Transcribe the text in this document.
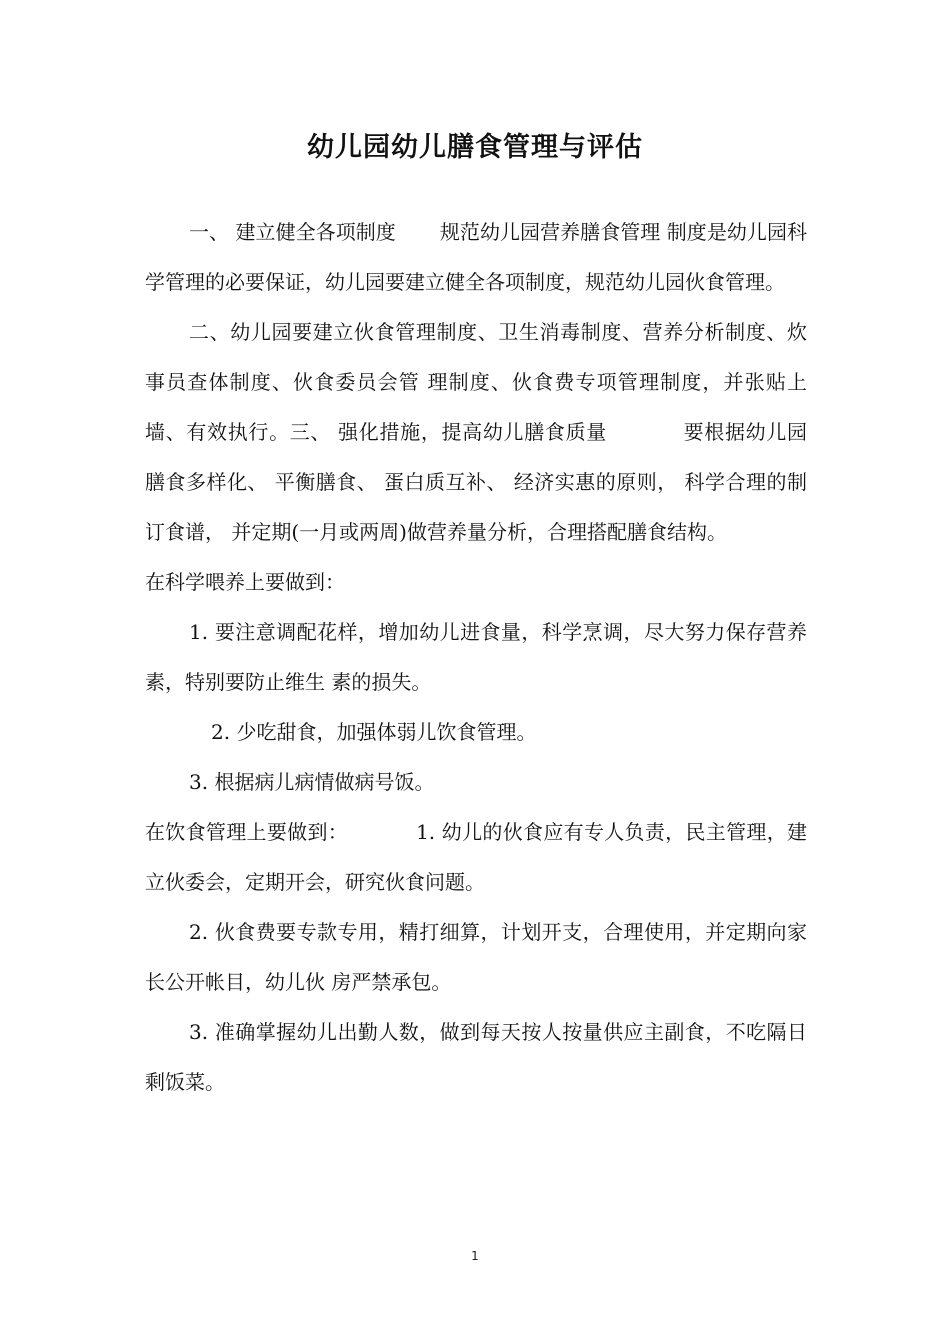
幼儿园幼儿膳食管理与评估

一、 建立健全各项制度 规范幼儿园营养膳食管理 制度是幼儿园科学管理的必要保证，幼儿园要建立健全各项制度，规范幼儿园伙食管理。

二、幼儿园要建立伙食管理制度、卫生消毒制度、营养分析制度、炊事员查体制度、伙食委员会管 理制度、伙食费专项管理制度，并张贴上墙、有效执行。三、 强化措施，提高幼儿膳食质量	要根据幼儿园膳食多样化、 平衡膳食、 蛋白质互补、 经济实惠的原则， 科学合理的制订食谱， 并定期(一月或两周)做营养量分析，合理搭配膳食结构。

在科学喂养上要做到：

1. 要注意调配花样，增加幼儿进食量，科学烹调，尽大努力保存营养素，特别要防止维生 素的损失。

2. 少吃甜食，加强体弱儿饮食管理。

3. 根据病儿病情做病号饭。

在饮食管理上要做到：	1. 幼儿的伙食应有专人负责，民主管理，建立伙委会，定期开会，研究伙食问题。

2. 伙食费要专款专用，精打细算，计划开支，合理使用，并定期向家长公开帐目，幼儿伙 房严禁承包。

3. 准确掌握幼儿出勤人数，做到每天按人按量供应主副食，不吃隔日剩饭菜。

1
